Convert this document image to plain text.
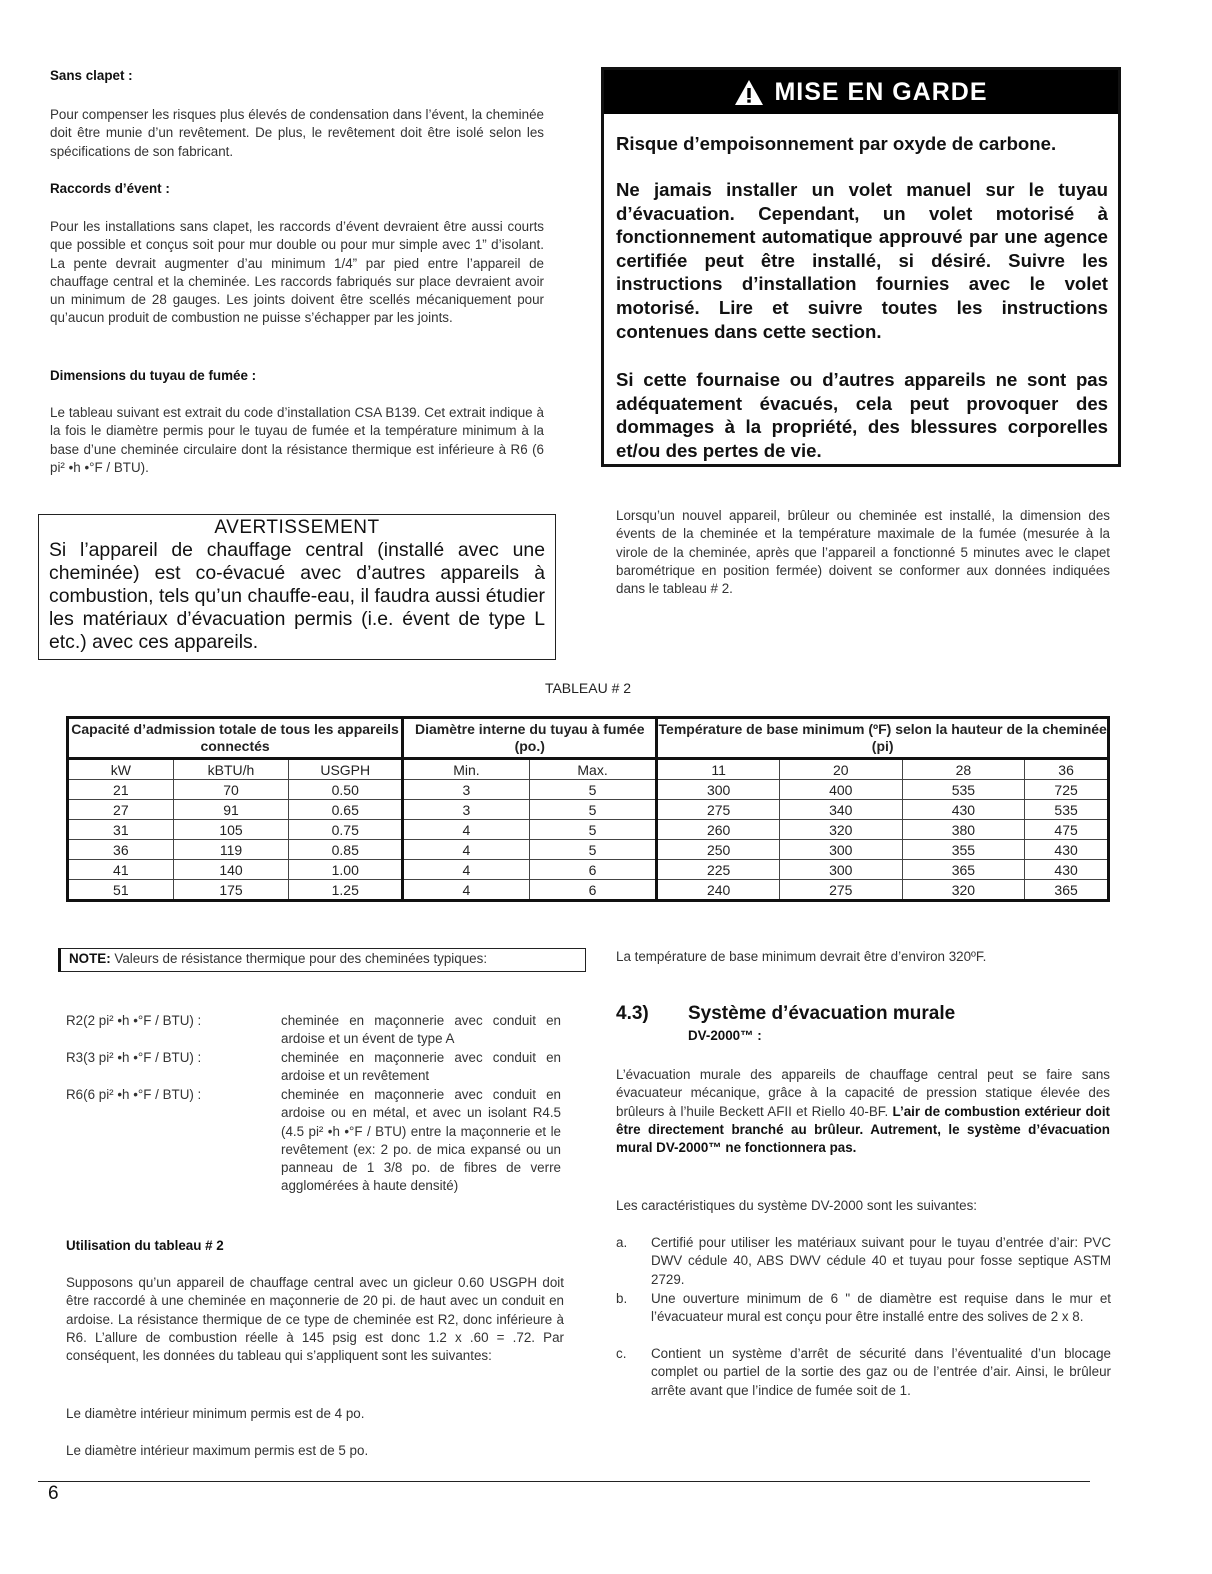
Sans clapet :

Pour compenser les risques plus élevés de condensation dans l’évent, la cheminée doit être munie d’un revêtement. De plus, le revêtement doit être isolé selon les spécifications de son fabricant.

Raccords d’évent :

Pour les installations sans clapet, les raccords d’évent devraient être aussi courts que possible et conçus soit pour mur double ou pour mur simple avec 1” d’isolant. La pente devrait augmenter d’au minimum 1/4” par pied entre l’appareil de chauffage central et la cheminée. Les raccords fabriqués sur place devraient avoir un minimum de 28 gauges. Les joints doivent être scellés mécaniquement pour qu’aucun produit de combustion ne puisse s’échapper par les joints.

Dimensions du tuyau de fumée :

Le tableau suivant est extrait du code d’installation CSA B139. Cet extrait indique à la fois le diamètre permis pour le tuyau de fumée et la température minimum à la base d’une cheminée circulaire dont la résistance thermique est inférieure à R6 (6 pi² •h •°F / BTU).

MISE EN GARDE

Risque d’empoisonnement par oxyde de carbone.

Ne jamais installer un volet manuel sur le tuyau d’évacuation. Cependant, un volet motorisé à fonctionnement automatique approuvé par une agence certifiée peut être installé, si désiré. Suivre les instructions d’installation fournies avec le volet motorisé. Lire et suivre toutes les instructions contenues dans cette section.

Si cette fournaise ou d’autres appareils ne sont pas adéquatement évacués, cela peut provoquer des dommages à la propriété, des blessures corporelles et/ou des pertes de vie.

AVERTISSEMENT

Si l’appareil de chauffage central (installé avec une cheminée) est co-évacué avec d’autres appareils à combustion, tels qu’un chauffe-eau, il faudra aussi étudier les matériaux d’évacuation permis (i.e. évent de type L etc.) avec ces appareils.

Lorsqu’un nouvel appareil, brûleur ou cheminée est installé, la dimension des évents de la cheminée et la température maximale de la fumée (mesurée à la virole de la cheminée, après que l’appareil a fonctionné 5 minutes avec le clapet barométrique en position fermée) doivent se conformer aux données indiquées dans le tableau # 2.

TABLEAU # 2
Capacité d’admission totale de tous les appareils connectés			Diamètre interne du tuyau à fumée (po.)		Température de base minimum (ºF) selon la hauteur de la cheminée (pi)			
kW	kBTU/h	USGPH	Min.	Max.	11	20	28	36
21	70	0.50	3	5	300	400	535	725
27	91	0.65	3	5	275	340	430	535
31	105	0.75	4	5	260	320	380	475
36	119	0.85	4	5	250	300	355	430
41	140	1.00	4	6	225	300	365	430
51	175	1.25	4	6	240	275	320	365
NOTE: Valeurs de résistance thermique pour des cheminées typiques:
R2(2 pi² •h •°F / BTU) :	cheminée en maçonnerie avec conduit en ardoise et un évent de type A
R3(3 pi² •h •°F / BTU) :	cheminée en maçonnerie avec conduit en ardoise et un revêtement
R6(6 pi² •h •°F / BTU) :	cheminée en maçonnerie avec conduit en ardoise ou en métal, et avec un isolant R4.5 (4.5 pi² •h •°F / BTU) entre la maçonnerie et le revêtement (ex: 2 po. de mica expansé ou un panneau de 1 3/8 po. de fibres de verre agglomérées à haute densité)

Utilisation du tableau # 2

Supposons qu’un appareil de chauffage central avec un gicleur 0.60 USGPH doit être raccordé à une cheminée en maçonnerie de 20 pi. de haut avec un conduit en ardoise. La résistance thermique de ce type de cheminée est R2, donc inférieure à R6. L’allure de combustion réelle à 145 psig est donc 1.2 x .60 = .72. Par conséquent, les données du tableau qui s’appliquent sont les suivantes:

Le diamètre intérieur minimum permis est de 4 po.

Le diamètre intérieur maximum permis est de 5 po.

La température de base minimum devrait être d’environ 320ºF.

4.3) Système d’évacuation murale
DV-2000™ :

L’évacuation murale des appareils de chauffage central peut se faire sans évacuateur mécanique, grâce à la capacité de pression statique élevée des brûleurs à l’huile Beckett AFII et Riello 40-BF. L’air de combustion extérieur doit être directement branché au brûleur. Autrement, le système d’évacuation mural DV-2000™ ne fonctionnera pas.

Les caractéristiques du système DV-2000 sont les suivantes:

a. Certifié pour utiliser les matériaux suivant pour le tuyau d’entrée d’air: PVC DWV cédule 40, ABS DWV cédule 40 et tuyau pour fosse septique ASTM 2729.
b. Une ouverture minimum de 6 " de diamètre est requise dans le mur et l’évacuateur mural est conçu pour être installé entre des solives de 2 x 8.
c. Contient un système d’arrêt de sécurité dans l’éventualité d’un blocage complet ou partiel de la sortie des gaz ou de l’entrée d’air. Ainsi, le brûleur arrête avant que l’indice de fumée soit de 1.
6
